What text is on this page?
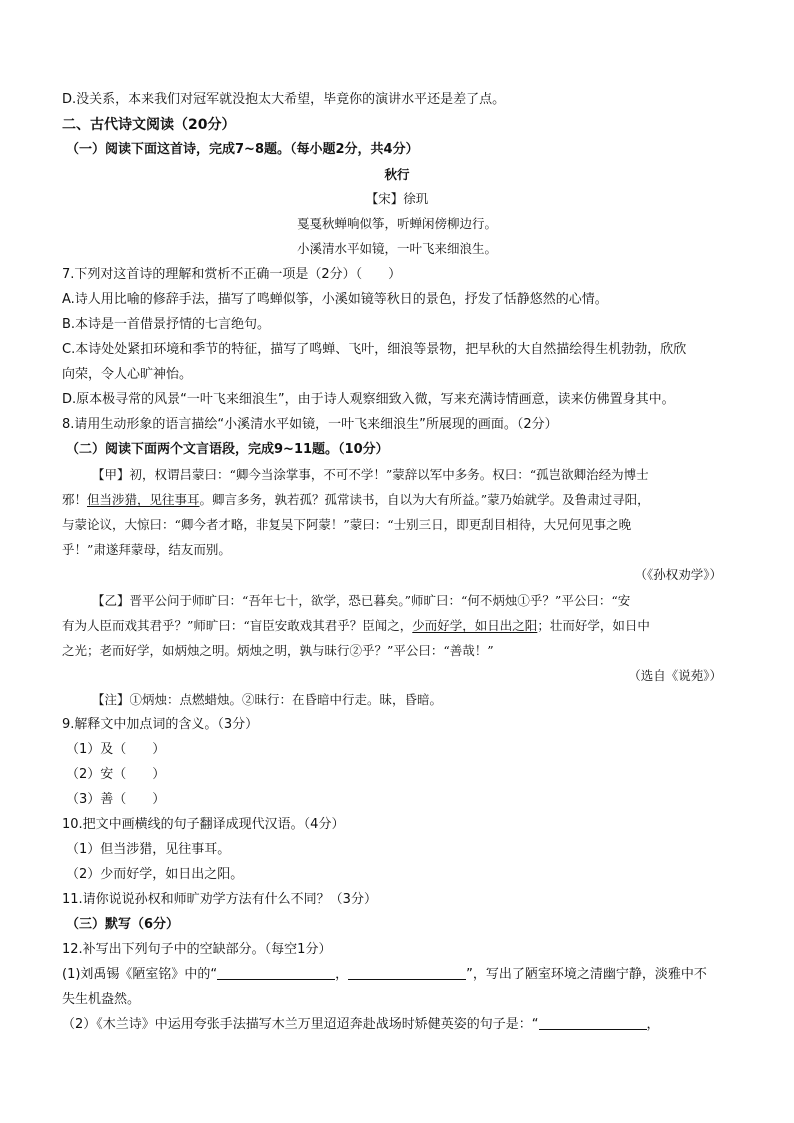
D.没关系，本来我们对冠军就没抱太大希望，毕竟你的演讲水平还是差了点。
二、古代诗文阅读（20分）
（一）阅读下面这首诗，完成7~8题。（每小题2分，共4分）
秋行
【宋】徐玑
戛戛秋蝉响似筝，听蝉闲傍柳边行。
小溪清水平如镜，一叶飞来细浪生。
7.下列对这首诗的理解和赏析不正确一项是（2分）（　　）
A.诗人用比喻的修辞手法，描写了鸣蝉似筝，小溪如镜等秋日的景色，抒发了恬静悠然的心情。
B.本诗是一首借景抒情的七言绝句。
C.本诗处处紧扣环境和季节的特征，描写了鸣蝉、飞叶，细浪等景物，把早秋的大自然描绘得生机勃勃，欣欣
向荣，令人心旷神怡。
D.原本极寻常的风景“一叶飞来细浪生”，由于诗人观察细致入微，写来充满诗情画意，读来仿佛置身其中。
8.请用生动形象的语言描绘“小溪清水平如镜，一叶飞来细浪生”所展现的画面。（2分）
（二）阅读下面两个文言语段，完成9~11题。（10分）
【甲】初，权谓吕蒙曰：“卿今当涂掌事，不可不学！”蒙辞以军中多务。权曰：“孤岂欲卿治经为博士
邪！但当涉猎，见往事耳。卿言多务，孰若孤？孤常读书，自以为大有所益。”蒙乃始就学。及鲁肃过寻阳，
与蒙论议，大惊曰：“卿今者才略，非复吴下阿蒙！”蒙曰：“士别三日，即更刮目相待，大兄何见事之晚
乎！”肃遂拜蒙母，结友而别。
（《孙权劝学》）
【乙】晋平公问于师旷曰：“吾年七十，欲学，恐已暮矣。”师旷曰：“何不炳烛①乎？”平公曰：“安
有为人臣而戏其君乎？”师旷曰：“盲臣安敢戏其君乎？臣闻之，少而好学，如日出之阳；壮而好学，如日中
之光；老而好学，如炳烛之明。炳烛之明，孰与昧行②乎？”平公曰：“善哉！”
（选自《说苑》）
【注】①炳烛：点燃蜡烛。②昧行：在昏暗中行走。昧，昏暗。
9.解释文中加点词的含义。（3分）
（1）及（　　）
（2）安（　　）
（3）善（　　）
10.把文中画横线的句子翻译成现代汉语。（4分）
（1）但当涉猎，见往事耳。
（2）少而好学，如日出之阳。
11.请你说说孙权和师旷劝学方法有什么不同？（3分）
（三）默写（6分）
12.补写出下列句子中的空缺部分。（每空1分）
(1)刘禹锡《陋室铭》中的“	，	”，写出了陋室环境之清幽宁静，淡雅中不
失生机盎然。
（2）《木兰诗》中运用夸张手法描写木兰万里迢迢奔赴战场时矫健英姿的句子是：“	，
